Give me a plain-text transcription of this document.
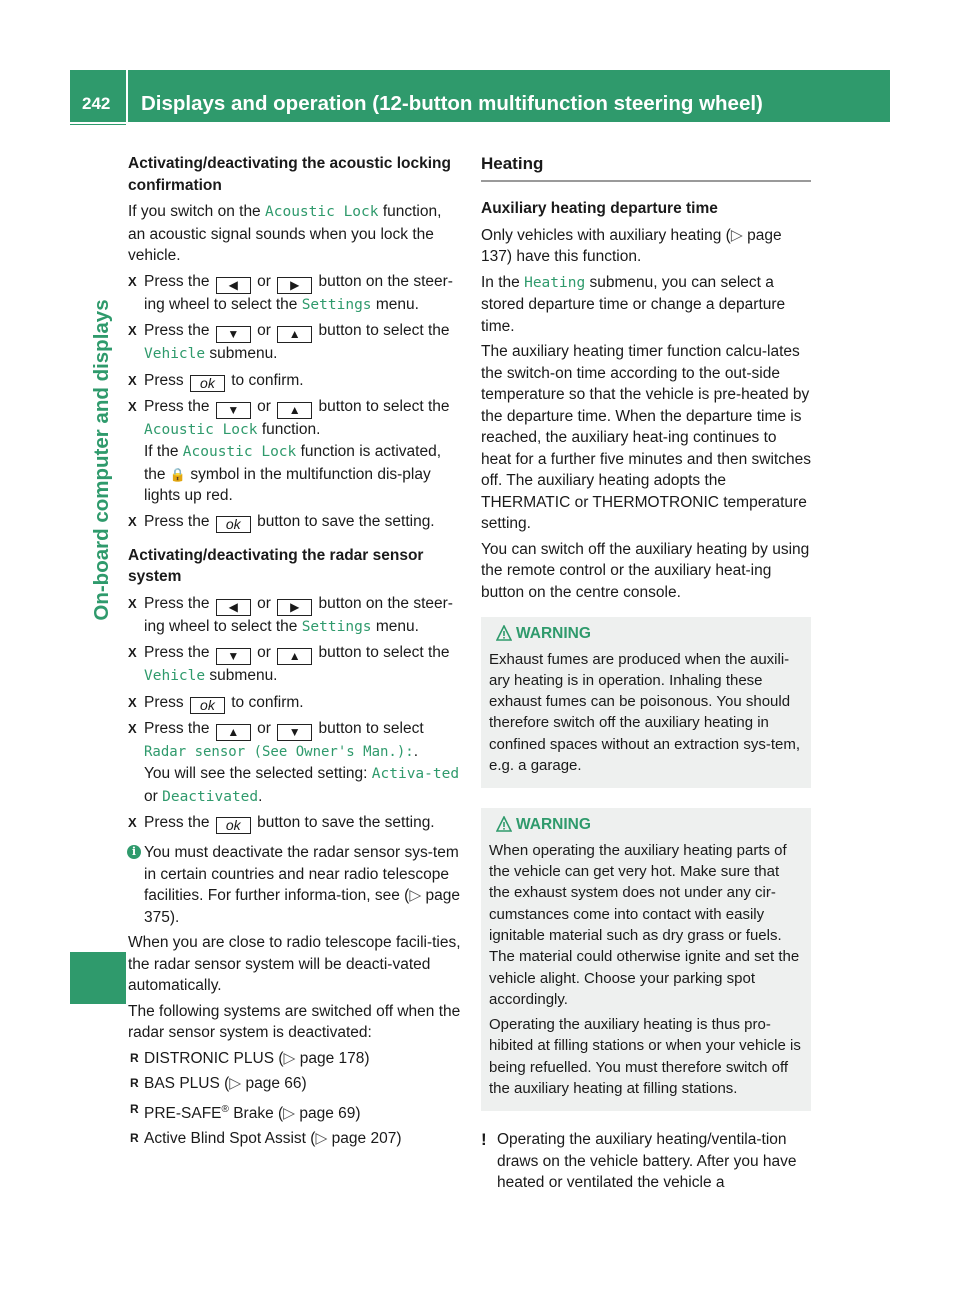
242 Displays and operation (12-button multifunction steering wheel)
On-board computer and displays

Activating/deactivating the acoustic locking confirmation

If you switch on the Acoustic Lock function, an acoustic signal sounds when you lock the vehicle.

X Press the ◀ or ▶ button on the steer-ing wheel to select the Settings menu.
X Press the ▼ or ▲ button to select the Vehicle submenu.
X Press ok to confirm.
X Press the ▼ or ▲ button to select the Acoustic Lock function.
If the Acoustic Lock function is activated, the 🔒 symbol in the multifunction dis-play lights up red.
X Press the ok button to save the setting.

Activating/deactivating the radar sensor system

X Press the ◀ or ▶ button on the steer-ing wheel to select the Settings menu.
X Press the ▼ or ▲ button to select the Vehicle submenu.
X Press ok to confirm.
X Press the ▲ or ▼ button to select Radar sensor (See Owner's Man.):.
You will see the selected setting: Activa‐ted or Deactivated.
X Press the ok button to save the setting.
i You must deactivate the radar sensor sys-tem in certain countries and near radio telescope facilities. For further informa-tion, see (▷ page 375).

When you are close to radio telescope facili-ties, the radar sensor system will be deacti-vated automatically.

The following systems are switched off when the radar sensor system is deactivated:

R DISTRONIC PLUS (▷ page 178)
R BAS PLUS (▷ page 66)
R PRE-SAFE® Brake (▷ page 69)
R Active Blind Spot Assist (▷ page 207)

Heating

Auxiliary heating departure time

Only vehicles with auxiliary heating (▷ page 137) have this function.

In the Heating submenu, you can select a stored departure time or change a departure time.

The auxiliary heating timer function calcu-lates the switch-on time according to the out-side temperature so that the vehicle is pre-heated by the departure time. When the departure time is reached, the auxiliary heat-ing continues to heat for a further five minutes and then switches off. The auxiliary heating adopts the THERMATIC or THERMOTRONIC temperature setting.

You can switch off the auxiliary heating by using the remote control or the auxiliary heat-ing button on the centre console.

WARNING

Exhaust fumes are produced when the auxili-ary heating is in operation. Inhaling these exhaust fumes can be poisonous. You should therefore switch off the auxiliary heating in confined spaces without an extraction sys-tem, e.g. a garage.

WARNING

When operating the auxiliary heating parts of the vehicle can get very hot. Make sure that the exhaust system does not under any cir-cumstances come into contact with easily ignitable material such as dry grass or fuels. The material could otherwise ignite and set the vehicle alight. Choose your parking spot accordingly.

Operating the auxiliary heating is thus pro-hibited at filling stations or when your vehicle is being refuelled. You must therefore switch off the auxiliary heating at filling stations.

! Operating the auxiliary heating/ventila-tion draws on the vehicle battery. After you have heated or ventilated the vehicle a
